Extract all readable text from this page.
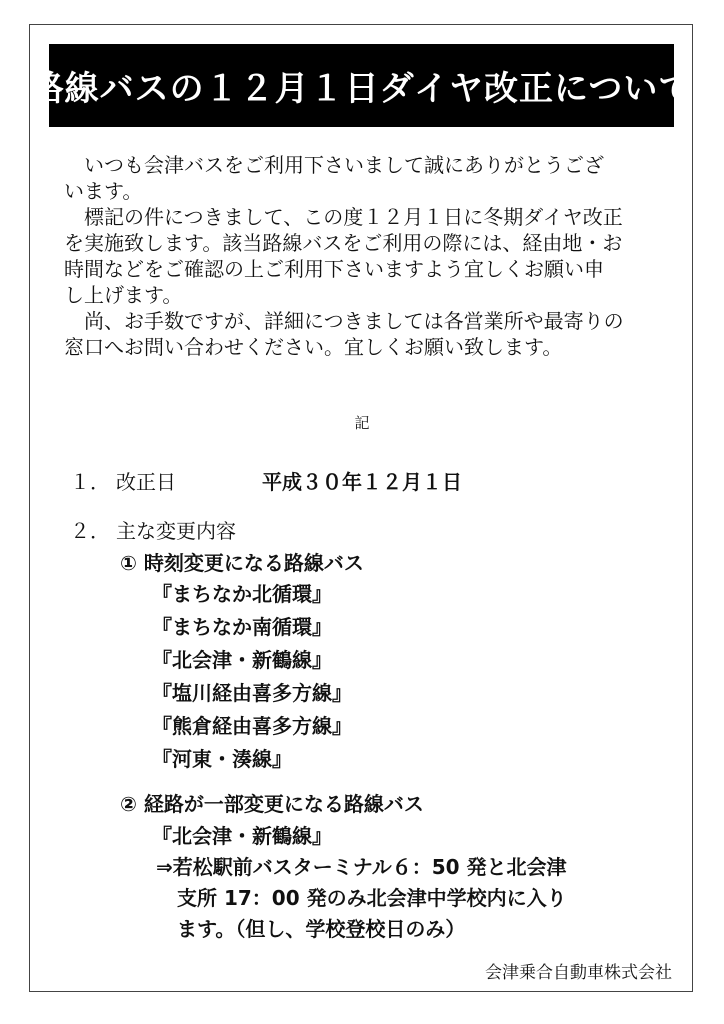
路線バスの１２月１日ダイヤ改正について
　いつも会津バスをご利用下さいまして誠にありがとうござ
います。
　標記の件につきまして、この度１２月１日に冬期ダイヤ改正
を実施致します。該当路線バスをご利用の際には、経由地・お
時間などをご確認の上ご利用下さいますよう宜しくお願い申
し上げます。
　尚、お手数ですが、詳細につきましては各営業所や最寄りの
窓口へお問い合わせください。宜しくお願い致します。
記
１． 改正日	平成３０年１２月１日
２． 主な変更内容
① 時刻変更になる路線バス
『まちなか北循環』
『まちなか南循環』
『北会津・新鶴線』
『塩川経由喜多方線』
『熊倉経由喜多方線』
『河東・湊線』
② 経路が一部変更になる路線バス
『北会津・新鶴線』
⇒若松駅前バスターミナル６：50 発と北会津
支所 17：00 発のみ北会津中学校内に入り
ます。（但し、学校登校日のみ）
会津乗合自動車株式会社
